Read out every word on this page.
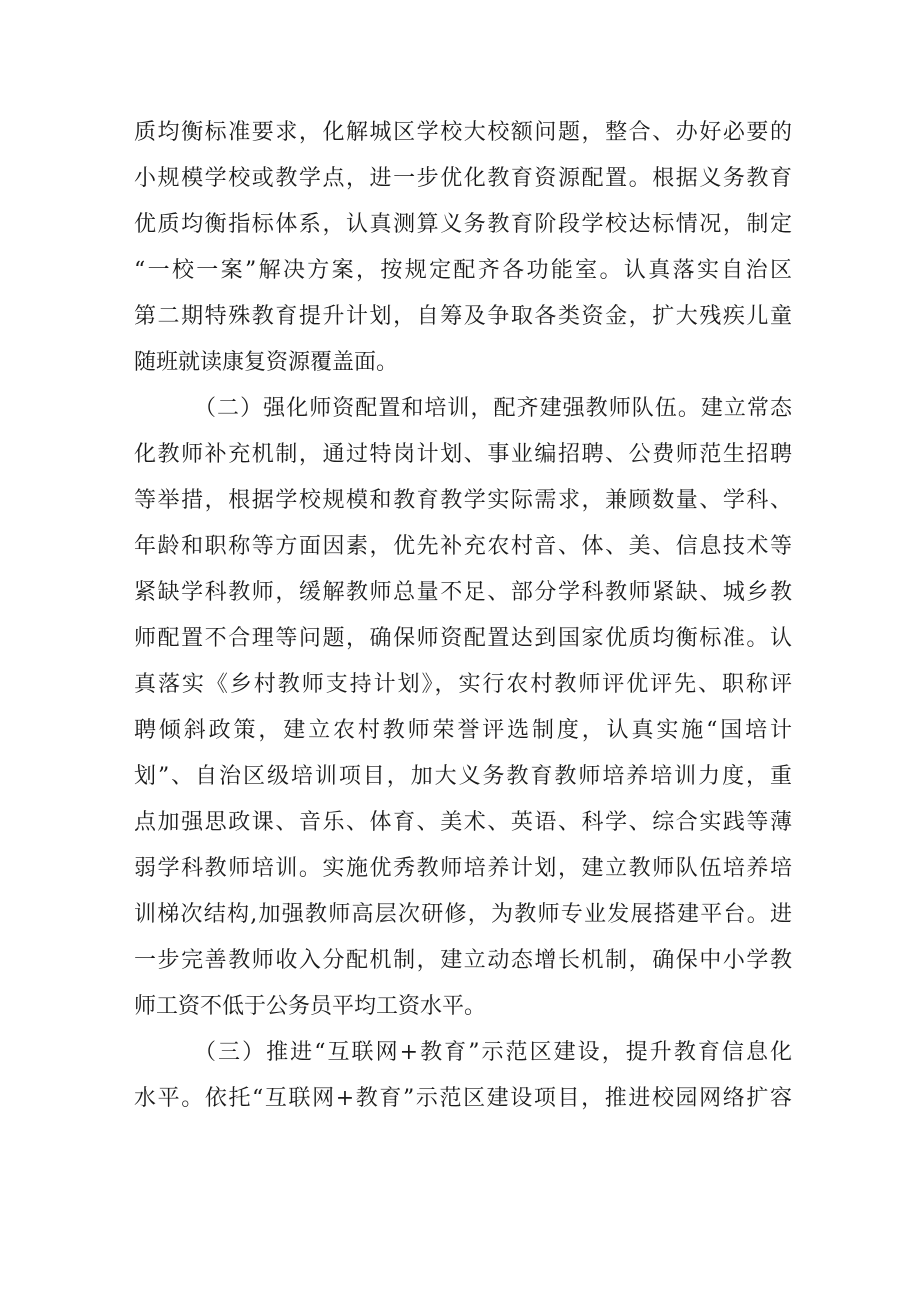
质均衡标准要求，化解城区学校大校额问题，整合、办好必要的
小规模学校或教学点，进一步优化教育资源配置。根据义务教育
优质均衡指标体系，认真测算义务教育阶段学校达标情况，制定
“一校一案”解决方案，按规定配齐各功能室。认真落实自治区
第二期特殊教育提升计划，自筹及争取各类资金，扩大残疾儿童
随班就读康复资源覆盖面。
（二）强化师资配置和培训，配齐建强教师队伍。建立常态
化教师补充机制，通过特岗计划、事业编招聘、公费师范生招聘
等举措，根据学校规模和教育教学实际需求，兼顾数量、学科、
年龄和职称等方面因素，优先补充农村音、体、美、信息技术等
紧缺学科教师，缓解教师总量不足、部分学科教师紧缺、城乡教
师配置不合理等问题，确保师资配置达到国家优质均衡标准。认
真落实《乡村教师支持计划》，实行农村教师评优评先、职称评
聘倾斜政策，建立农村教师荣誉评选制度，认真实施“国培计
划”、自治区级培训项目，加大义务教育教师培养培训力度，重
点加强思政课、音乐、体育、美术、英语、科学、综合实践等薄
弱学科教师培训。实施优秀教师培养计划，建立教师队伍培养培
训梯次结构,加强教师高层次研修，为教师专业发展搭建平台。进
一步完善教师收入分配机制，建立动态增长机制，确保中小学教
师工资不低于公务员平均工资水平。
（三）推进“互联网+教育”示范区建设，提升教育信息化
水平。依托“互联网+教育”示范区建设项目，推进校园网络扩容
